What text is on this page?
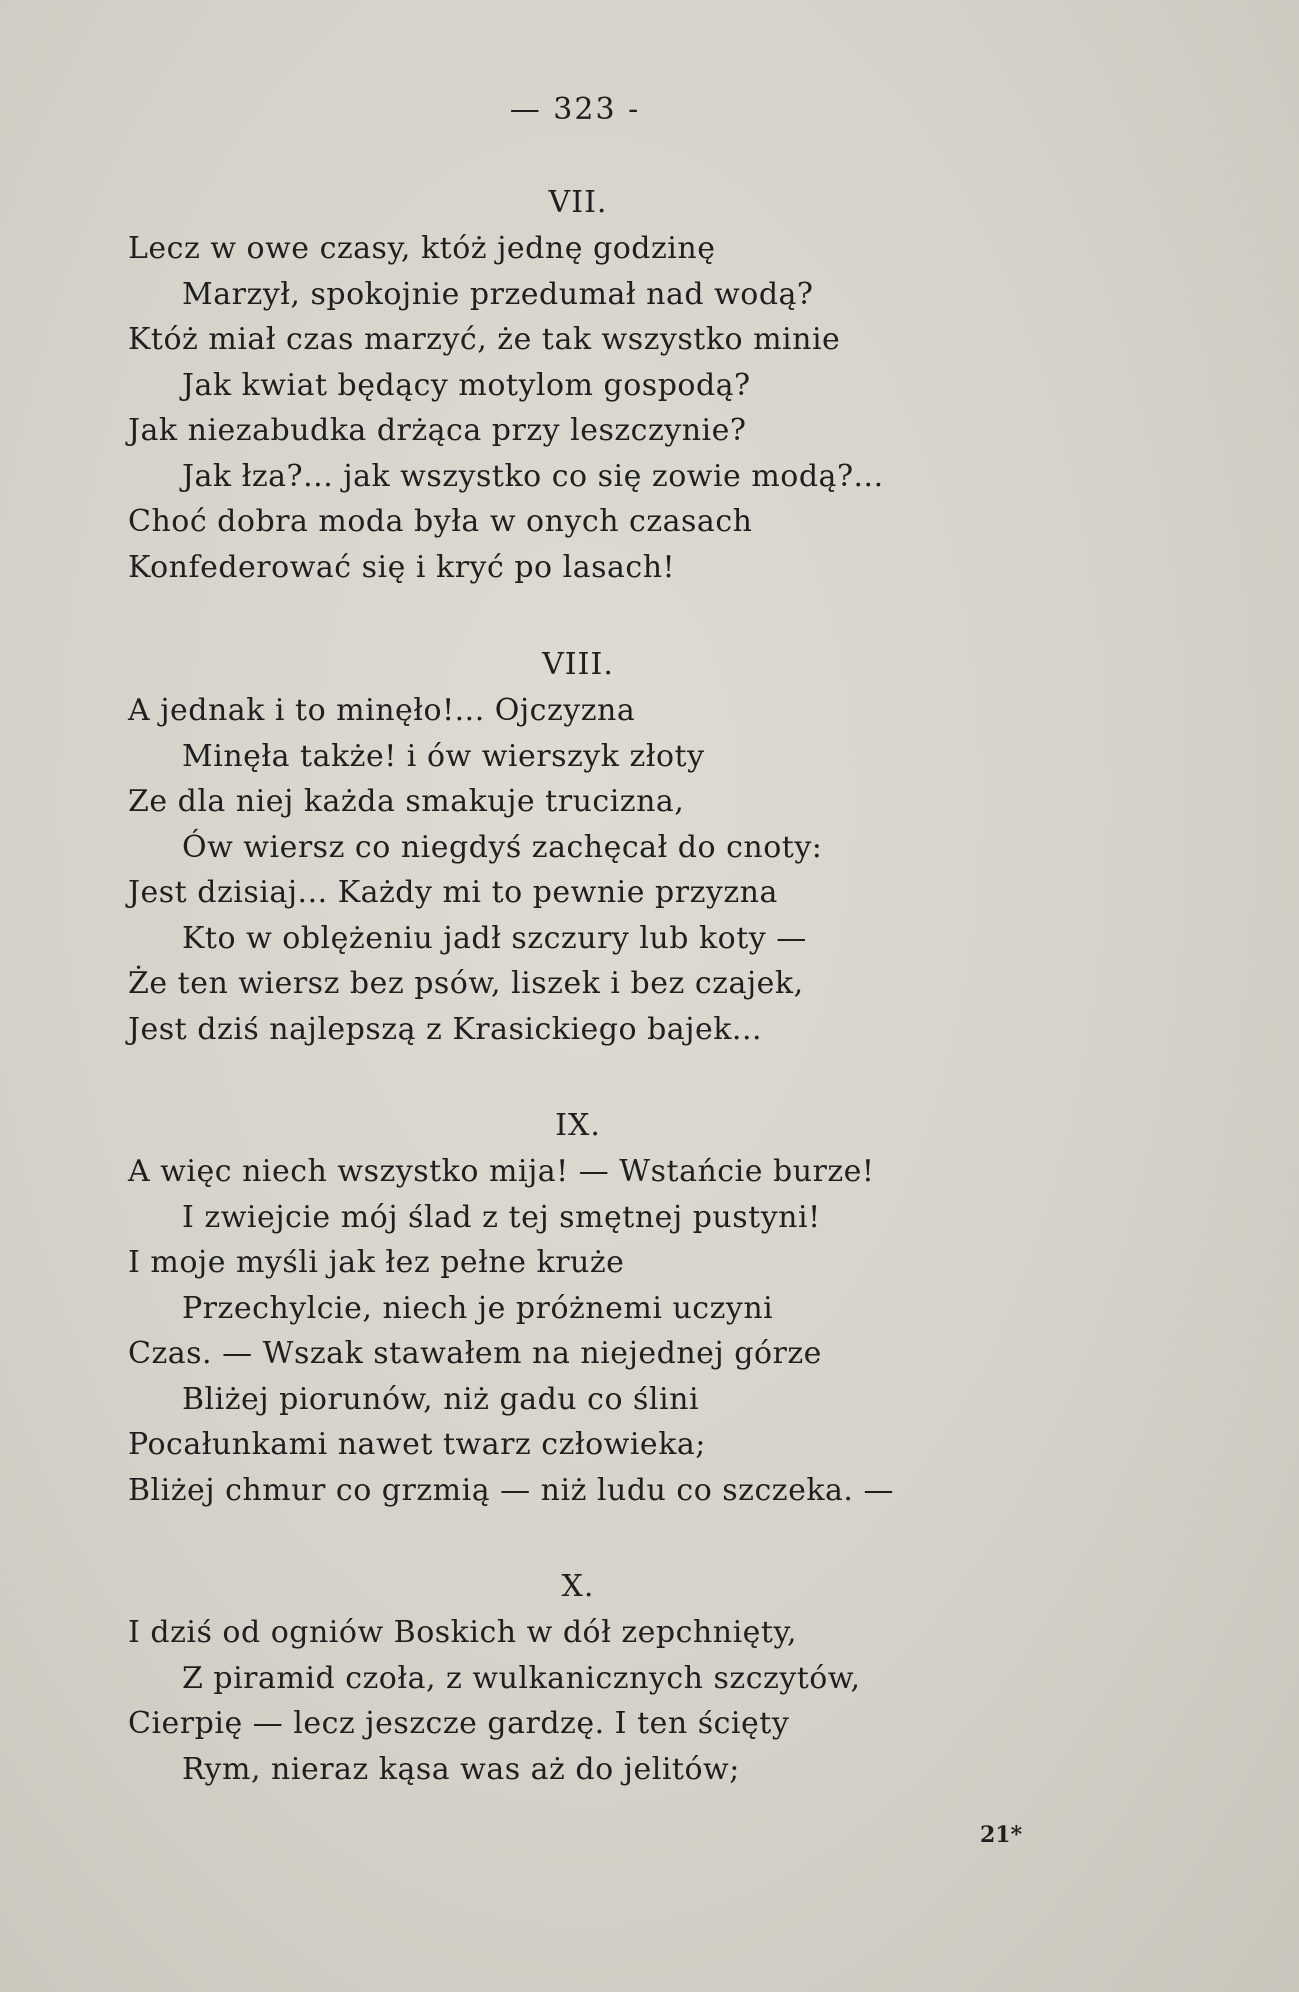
— 323 -
VII.
Lecz w owe czasy, któż jednę godzinę
Marzył, spokojnie przedumał nad wodą?
Któż miał czas marzyć, że tak wszystko minie
Jak kwiat będący motylom gospodą?
Jak niezabudka drżąca przy leszczynie?
Jak łza?... jak wszystko co się zowie modą?...
Choć dobra moda była w onych czasach
Konfederować się i kryć po lasach!
VIII.
A jednak i to minęło!... Ojczyzna
Minęła także! i ów wierszyk złoty
Ze dla niej każda smakuje trucizna,
Ów wiersz co niegdyś zachęcał do cnoty:
Jest dzisiaj... Każdy mi to pewnie przyzna
Kto w oblężeniu jadł szczury lub koty —
Że ten wiersz bez psów, liszek i bez czajek,
Jest dziś najlepszą z Krasickiego bajek...
IX.
A więc niech wszystko mija! — Wstańcie burze!
I zwiejcie mój ślad z tej smętnej pustyni!
I moje myśli jak łez pełne kruże
Przechylcie, niech je próżnemi uczyni
Czas. — Wszak stawałem na niejednej górze
Bliżej piorunów, niż gadu co ślini
Pocałunkami nawet twarz człowieka;
Bliżej chmur co grzmią — niż ludu co szczeka. —
X.
I dziś od ogniów Boskich w dół zepchnięty,
Z piramid czoła, z wulkanicznych szczytów,
Cierpię — lecz jeszcze gardzę. I ten ścięty
Rym, nieraz kąsa was aż do jelitów;
21*
